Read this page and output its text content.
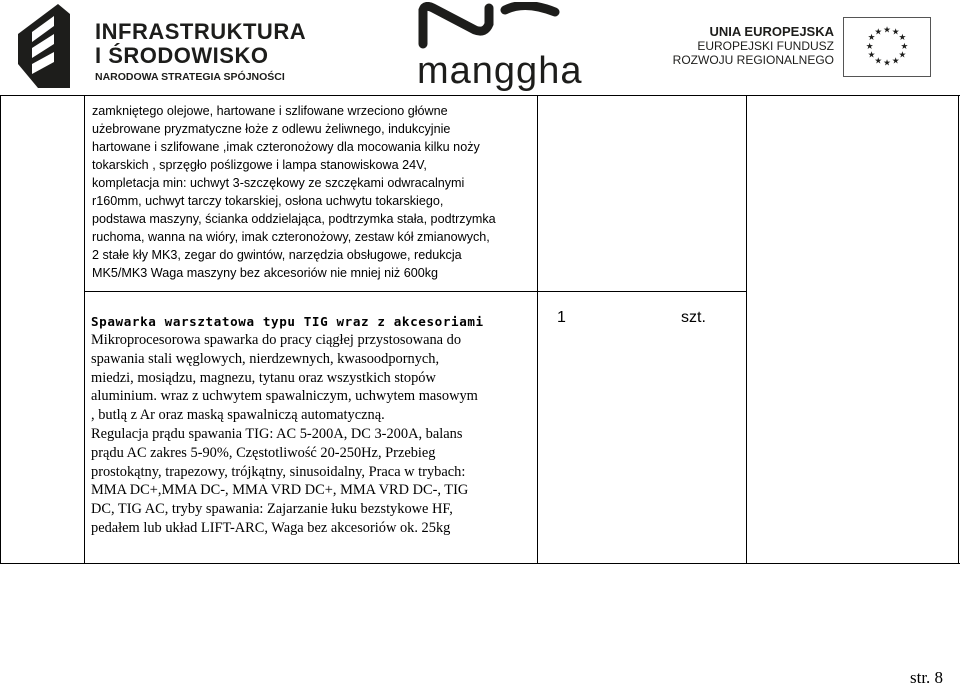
INFRASTRUKTURA
I ŚRODOWISKO
NARODOWA STRATEGIA SPÓJNOŚCI	manggha
UNIA EUROPEJSKA
EUROPEJSKI FUNDUSZ
ROZWOJU REGIONALNEGO
★ ★
★
★
★
★
★
★
★
★
★
★
zamkniętego olejowe, hartowane i szlifowane wrzeciono główne
użebrowane pryzmatyczne łoże z odlewu żeliwnego, indukcyjnie
hartowane i szlifowane ,imak czteronożowy dla mocowania kilku noży
tokarskich , sprzęgło poślizgowe i lampa stanowiskowa 24V,
kompletacja min: uchwyt 3-szczękowy ze szczękami odwracalnymi
r160mm, uchwyt tarczy tokarskiej, osłona uchwytu tokarskiego,
podstawa maszyny, ścianka oddzielająca, podtrzymka stała, podtrzymka
ruchoma, wanna na wióry, imak czteronożowy, zestaw kół zmianowych,
2 stałe kły MK3, zegar do gwintów, narzędzia obsługowe, redukcja
MK5/MK3 Waga maszyny bez akcesoriów nie mniej niż 600kg
Spawarka warsztatowa typu TIG wraz z akcesoriami
Mikroprocesorowa spawarka do pracy ciągłej przystosowana do
spawania stali węglowych, nierdzewnych, kwasoodpornych,
miedzi, mosiądzu, magnezu, tytanu oraz wszystkich stopów
aluminium. wraz z uchwytem spawalniczym, uchwytem masowym
, butlą z Ar oraz maską spawalniczą automatyczną.
Regulacja prądu spawania TIG: AC 5-200A, DC 3-200A, balans
prądu AC zakres 5-90%, Częstotliwość 20-250Hz, Przebieg
prostokątny, trapezowy, trójkątny, sinusoidalny, Praca w trybach:
MMA DC+,MMA DC-, MMA VRD DC+, MMA VRD DC-, TIG
DC, TIG AC, tryby spawania: Zajarzanie łuku bezstykowe HF,
pedałem lub układ LIFT-ARC, Waga bez akcesoriów ok. 25kg
1	szt.
str. 8
